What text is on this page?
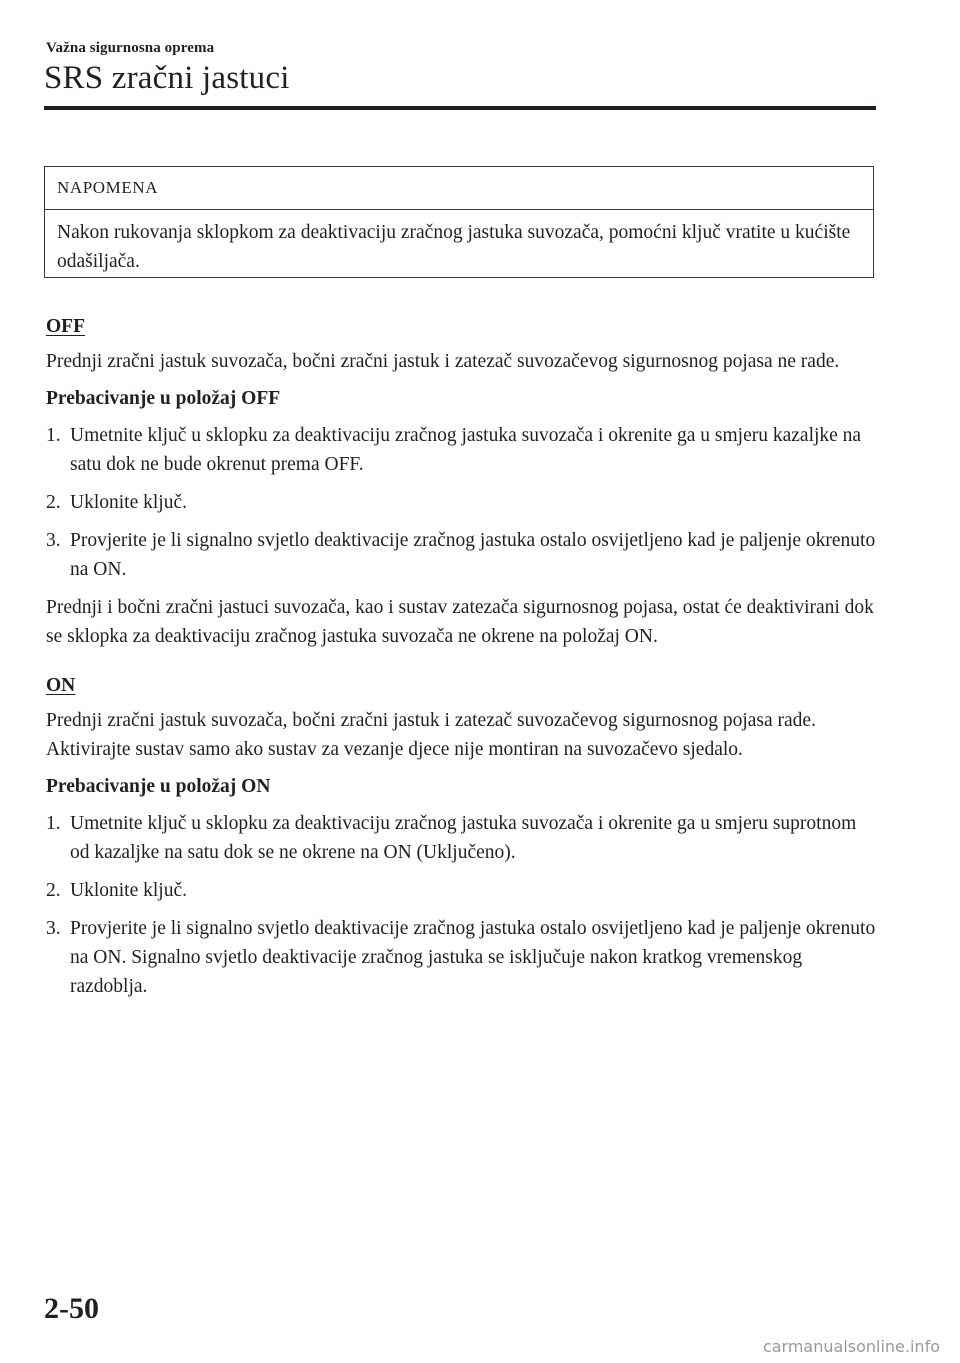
Važna sigurnosna oprema
SRS zračni jastuci
NAPOMENA
Nakon rukovanja sklopkom za deaktivaciju zračnog jastuka suvozača, pomoćni ključ vratite u kućište odašiljača.
OFF

Prednji zračni jastuk suvozača, bočni zračni jastuk i zatezač suvozačevog sigurnosnog pojasa ne rade.

Prebacivanje u položaj OFF

1. Umetnite ključ u sklopku za deaktivaciju zračnog jastuka suvozača i okrenite ga u smjeru kazaljke na satu dok ne bude okrenut prema OFF.
2. Uklonite ključ.
3. Provjerite je li signalno svjetlo deaktivacije zračnog jastuka ostalo osvijetljeno kad je paljenje okrenuto na ON.

Prednji i bočni zračni jastuci suvozača, kao i sustav zatezača sigurnosnog pojasa, ostat će deaktivirani dok se sklopka za deaktivaciju zračnog jastuka suvozača ne okrene na položaj ON.

ON

Prednji zračni jastuk suvozača, bočni zračni jastuk i zatezač suvozačevog sigurnosnog pojasa rade. Aktivirajte sustav samo ako sustav za vezanje djece nije montiran na suvozačevo sjedalo.

Prebacivanje u položaj ON

1. Umetnite ključ u sklopku za deaktivaciju zračnog jastuka suvozača i okrenite ga u smjeru suprotnom od kazaljke na satu dok se ne okrene na ON (Uključeno).
2. Uklonite ključ.
3. Provjerite je li signalno svjetlo deaktivacije zračnog jastuka ostalo osvijetljeno kad je paljenje okrenuto na ON. Signalno svjetlo deaktivacije zračnog jastuka se isključuje nakon kratkog vremenskog razdoblja.
2-50
carmanualsonline.info
